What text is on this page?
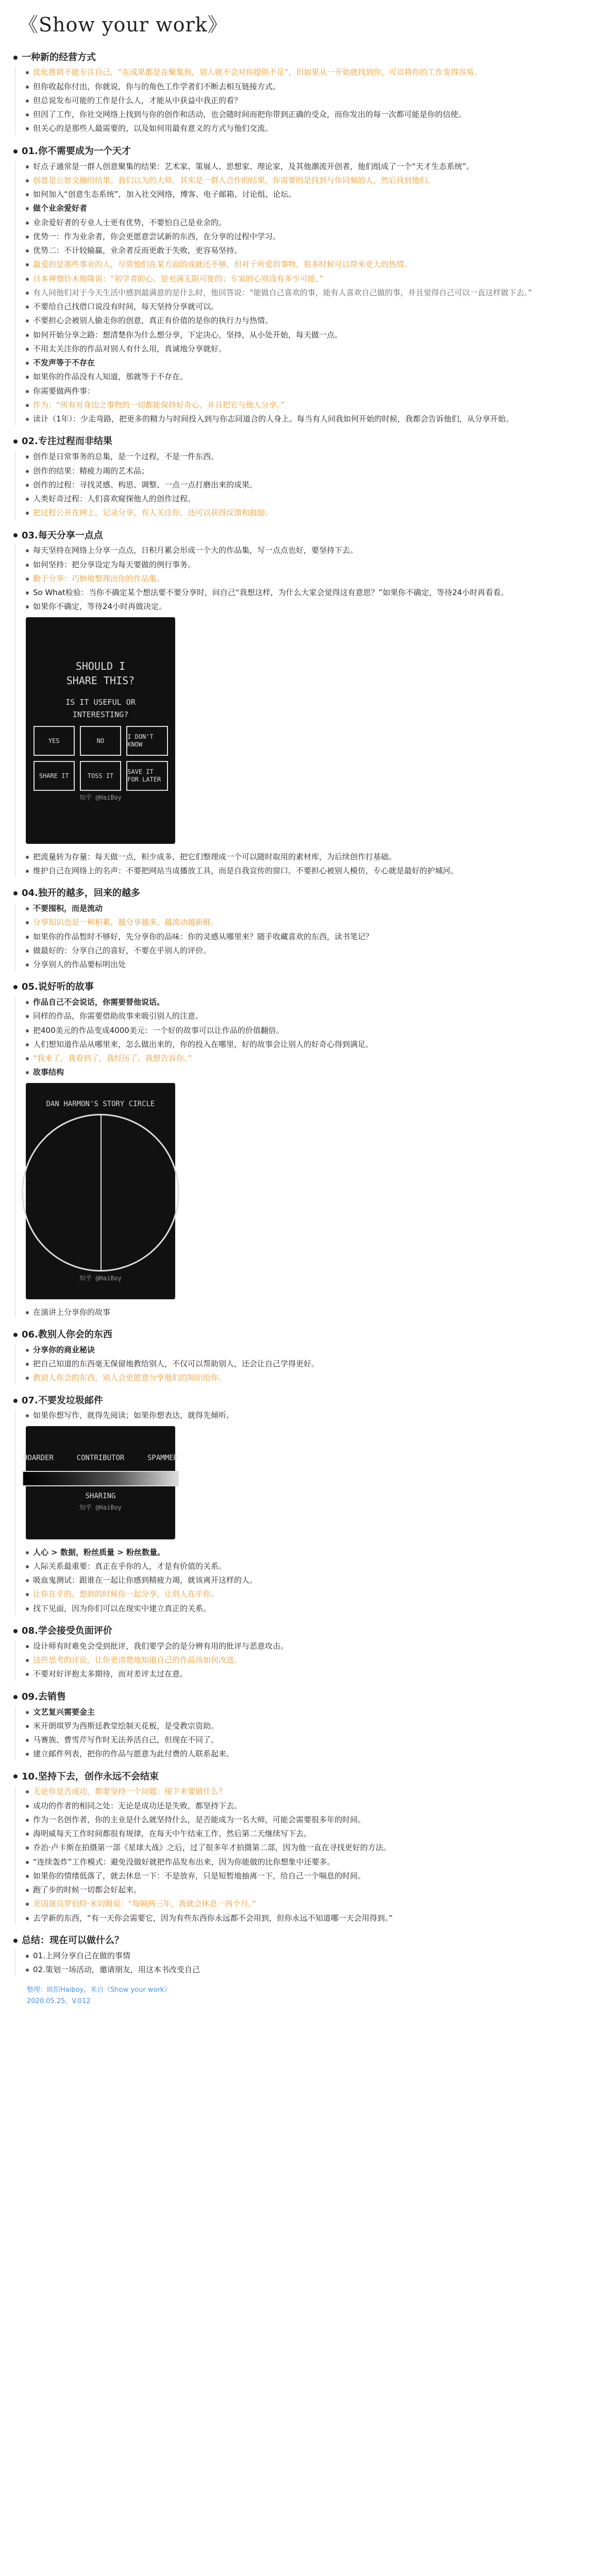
《Show your work》
一种新的经营方式
优化推销不能专注自己，“在成果都是在聚集前，别人就不会对你提供不足”，但如果从一开始就找到你，可以将你的工作变得容易。
但你收起你付出，你就说，你与的角色工作学者们不断去相互链接方式。
但总说发布可能的工作是什么人，才能从中获益中我正的看？
但因了工作，你社交网络上找到与你的创作和活动，也会随时间而把你带到正确的受众，而你发出的每一次都可能是你的信使。
但关心的是那些人最需要的，以及如何用最有意义的方式与他们交流。
01.你不需要成为一个天才
好点子通常是一群人创意聚集的结果：艺术家、策展人、思想家、理论家，及其他潮流开创者，他们组成了一个“天才生态系统”。
创意是公智交融的结果。我们以为的大师，其实是一群人合作的结果，你需要的是找到与你同频的人，然后找到他们。
如何加入“创意生态系统”，加入社交网络，博客、电子邮箱、讨论组、论坛。
做个业余爱好者
业余爱好者的专业人士更有优势，不要怕自己是业余的。
优势一：作为业余者，你会更愿意尝试新的东西，在分享的过程中学习。
优势二：不计较输赢，业余者反而更敢于失败，更容易坚持。
最爱的是那些事业的人，尽管他们在某方面的成就还不够，但对于所爱的事物，很多时候可以带来更大的热情。
日本禅僧铃木俊隆说：“初学者的心，是充满无限可能的；专家的心则没有多少可能。”
有人问他们对于今天生活中感到最满意的是什么时，他回答说：“能做自己喜欢的事，能有人喜欢自己做的事，并且觉得自己可以一直这样做下去。”
不要给自己找借口说没有时间，每天坚持分享就可以。
不要担心会被别人偷走你的创意，真正有价值的是你的执行力与热情。
如何开始分享之路：想清楚你为什么想分享，下定决心，坚持，从小处开始，每天做一点。
不用太关注你的作品对别人有什么用，真诚地分享就好。
不发声等于不存在
如果你的作品没有人知道，那就等于不存在。
你需要做两件事：
作为：“所有对身边之事物的一切都能保持好奇心，并且把它与他人分享。”
读计（1年）：少走弯路，把更多的精力与时间投入到与你志同道合的人身上。每当有人问我如何开始的时候，我都会告诉他们，从分享开始。
02.专注过程而非结果
创作是日常事务的总集，是一个过程，不是一件东西。
创作的结果：精疲力竭的艺术品；
创作的过程：寻找灵感、构思、调整、一点一点打磨出来的成果。
人类好奇过程：人们喜欢窥探他人的创作过程。
把过程公开在网上，记录分享，有人关注你，还可以获得反馈和鼓励。
03.每天分享一点点
每天坚持在网络上分享一点点，日积月累会形成一个大的作品集，写一点点也好，要坚持下去。
如何坚持：把分享设定为每天要做的例行事务。
勤于分享：巧妙地整理出你的作品集。
So What检验：当你不确定某个想法要不要分享时，问自己“我想这样，为什么大家会觉得这有意思？”如果你不确定，等待24小时再看看。
如果你不确定，等待24小时再做决定。
SHOULD I
SHARE THIS?
IS IT USEFUL OR
INTERESTING?
YES	NO
I DON'T KNOW
SHARE IT	TOSS IT
SAVE IT FOR LATER
知乎 @HaiBoy
把流量转为存量：每天做一点，积少成多，把它们整理成一个可以随时取用的素材库，为后续创作打基础。
维护自己在网络上的名声：不要把网站当成播放工具，而是自我宣传的窗口。不要担心被别人模仿，专心就是最好的护城河。
04.独开的越多，回来的越多
不要囤积，而是流动
分享知识也是一种积累，越分享越多，越流动越新鲜。
如果你的作品暂时不够好，先分享你的品味：你的灵感从哪里来？随手收藏喜欢的东西，读书笔记？
做最好的：分享自己的喜好，不要在乎别人的评价。
分享别人的作品要标明出处
05.说好听的故事
作品自己不会说话，你需要替他说话。
同样的作品，你需要借助故事来吸引别人的注意。
把400美元的作品变成4000美元：一个好的故事可以让作品的价值翻倍。
人们想知道作品从哪里来，怎么做出来的，你的投入在哪里，好的故事会让别人的好奇心得到满足。
“我来了，我看到了，我经历了，我想告诉你。”
故事结构
DAN HARMON'S STORY CIRCLE
知乎 @HaiBoy
在演讲上分享你的故事
06.教别人你会的东西
分享你的商业秘诀
把自己知道的东西毫无保留地教给别人，不仅可以帮助别人，还会让自己学得更好。
教别人你会的东西，别人会更愿意分享他们的知识给你。
07.不要发垃圾邮件
如果你想写作，就得先阅读；如果你想表达，就得先倾听。
HOARDER	CONTRIBUTOR	SPAMMER
SHARING
知乎 @HaiBoy
人心 > 数据，粉丝质量 > 粉丝数量。
人际关系最重要：真正在乎你的人，才是有价值的关系。
吸血鬼测试：跟谁在一起让你感到精疲力竭，就该离开这样的人。
让你在乎的、想到的时候你一起分享，让别人在乎你。
找下见面，因为你们可以在现实中建立真正的关系。
08.学会接受负面评价
设计师有时难免会受到批评，我们要学会的是分辨有用的批评与恶意攻击。
这些思考的评论，让你更清楚地知道自己的作品该如何改进。
不要对好评抱太多期待，而对差评太过在意。
09.去销售
文艺复兴需要金主
米开朗琪罗为西斯廷教堂绘制天花板，是受教宗资助。
马赛族、曹雪芹写作时无法养活自己，但现在不同了。
建立邮件列表，把你的作品与愿意为此付费的人联系起来。
10.坚持下去，创作永远不会结束
无论你是否成功，都要坚持一个问题：接下来要做什么？
成功的作者的相同之处：无论是成功还是失败，都坚持下去。
作为一名创作者，你的主业是什么就坚持什么，是否能成为一名大师，可能会需要很多年的时间。
海明威每天工作时间都很有规律，在每天中午结束工作，然后第二天继续写下去。
乔治·卢卡斯在拍摄第一部《星球大战》之后，过了很多年才拍摄第二部，因为他一直在寻找更好的方法。
“连续轰炸”工作模式：避免没做好就把作品发布出来，因为你能做的比你想象中还要多。
如果你的情绪低落了，就去休息一下：不是放弃，只是短暂地抽离一下，给自己一个喘息的时间。
跑了步的时候一切都会好起来。
美国演员罗伯特·米切姆说：“每隔两三年，我就会休息一两个月。”
去学新的东西，“有一天你会需要它，因为有些东西你永远都不会用到，但你永远不知道哪一天会用得到。”
总结：现在可以做什么？
01.上网分享自己在做的事情
02.策划一场活动，邀请朋友，用这本书改变自己
整理：欧阳Haiboy，来自《Show your work》
2020.05.25，V.012
